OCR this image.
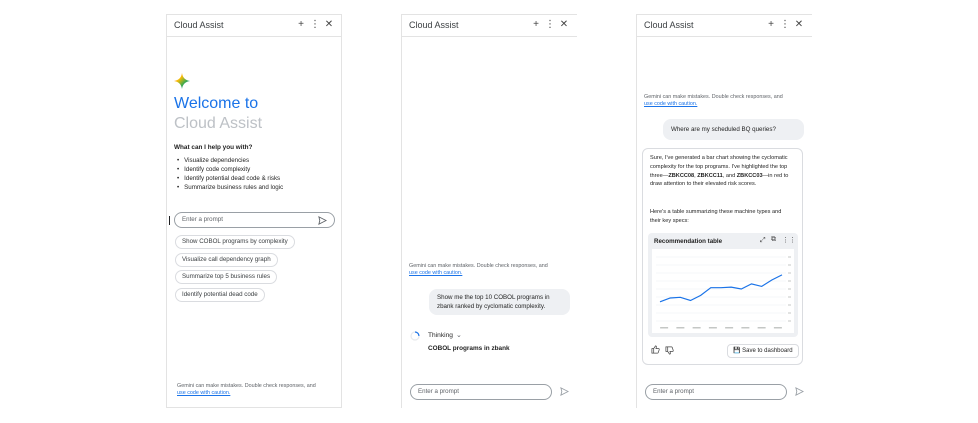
Cloud Assist	+ ⋮ ✕
Welcome to
Cloud Assist
What can I help you with?
• Visualize dependencies
• Identify code complexity
• Identify potential dead code & risks
• Summarize business rules and logic
Enter a prompt
Show COBOL programs by complexity
Visualize call dependency graph
Summarize top 5 business rules
Identify potential dead code
Gemini can make mistakes. Double check responses, and
use code with caution.
Cloud Assist	+ ⋮ ✕
Gemini can make mistakes. Double check responses, and
use code with caution.
Show me the top 10 COBOL programs in zbank ranked by cyclomatic complexity.
Thinking ⌄
COBOL programs in zbank
Enter a prompt
Cloud Assist	+ ⋮ ✕
Gemini can make mistakes. Double check responses, and
use code with caution.
Where are my scheduled BQ queries?
Sure, I've generated a bar chart showing the cyclomatic complexity for the top programs. I've highlighted the top three—ZBKCC08, ZBKCC11, and ZBKCC03—in red to draw attention to their elevated risk scores.
Here's a table summarizing these machine types and their key specs:
Recommendation table	⤢ ⧉ ⋮⋮
💾 Save to dashboard
Enter a prompt
